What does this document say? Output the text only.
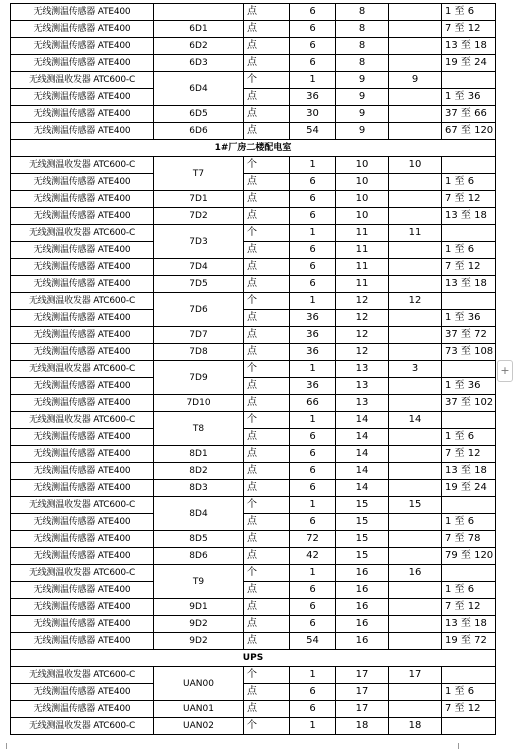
无线测温传感器 ATE400		点	6	8		1 至 6
无线测温传感器 ATE400	6D1	点	6	8		7 至 12
无线测温传感器 ATE400	6D2	点	6	8		13 至 18
无线测温传感器 ATE400	6D3	点	6	8		19 至 24
无线测温收发器 ATC600-C	6D4	个	1	9	9	
无线测温传感器 ATE400		点	36	9		1 至 36
无线测温传感器 ATE400	6D5	点	30	9		37 至 66
无线测温传感器 ATE400	6D6	点	54	9		67 至 120
1#厂房二楼配电室						
无线测温收发器 ATC600-C	T7	个	1	10	10	
无线测温传感器 ATE400		点	6	10		1 至 6
无线测温传感器 ATE400	7D1	点	6	10		7 至 12
无线测温传感器 ATE400	7D2	点	6	10		13 至 18
无线测温收发器 ATC600-C	7D3	个	1	11	11	
无线测温传感器 ATE400		点	6	11		1 至 6
无线测温传感器 ATE400	7D4	点	6	11		7 至 12
无线测温传感器 ATE400	7D5	点	6	11		13 至 18
无线测温收发器 ATC600-C	7D6	个	1	12	12	
无线测温传感器 ATE400		点	36	12		1 至 36
无线测温传感器 ATE400	7D7	点	36	12		37 至 72
无线测温传感器 ATE400	7D8	点	36	12		73 至 108
无线测温收发器 ATC600-C	7D9	个	1	13	3	
无线测温传感器 ATE400		点	36	13		1 至 36
无线测温传感器 ATE400	7D10	点	66	13		37 至 102
无线测温收发器 ATC600-C	T8	个	1	14	14	
无线测温传感器 ATE400		点	6	14		1 至 6
无线测温传感器 ATE400	8D1	点	6	14		7 至 12
无线测温传感器 ATE400	8D2	点	6	14		13 至 18
无线测温传感器 ATE400	8D3	点	6	14		19 至 24
无线测温收发器 ATC600-C	8D4	个	1	15	15	
无线测温传感器 ATE400		点	6	15		1 至 6
无线测温传感器 ATE400	8D5	点	72	15		7 至 78
无线测温传感器 ATE400	8D6	点	42	15		79 至 120
无线测温收发器 ATC600-C	T9	个	1	16	16	
无线测温传感器 ATE400		点	6	16		1 至 6
无线测温传感器 ATE400	9D1	点	6	16		7 至 12
无线测温传感器 ATE400	9D2	点	6	16		13 至 18
无线测温传感器 ATE400	9D2	点	54	16		19 至 72
UPS						
无线测温收发器 ATC600-C	UAN00	个	1	17	17	
无线测温传感器 ATE400		点	6	17		1 至 6
无线测温传感器 ATE400	UAN01	点	6	17		7 至 12
无线测温收发器 ATC600-C	UAN02	个	1	18	18	
+
